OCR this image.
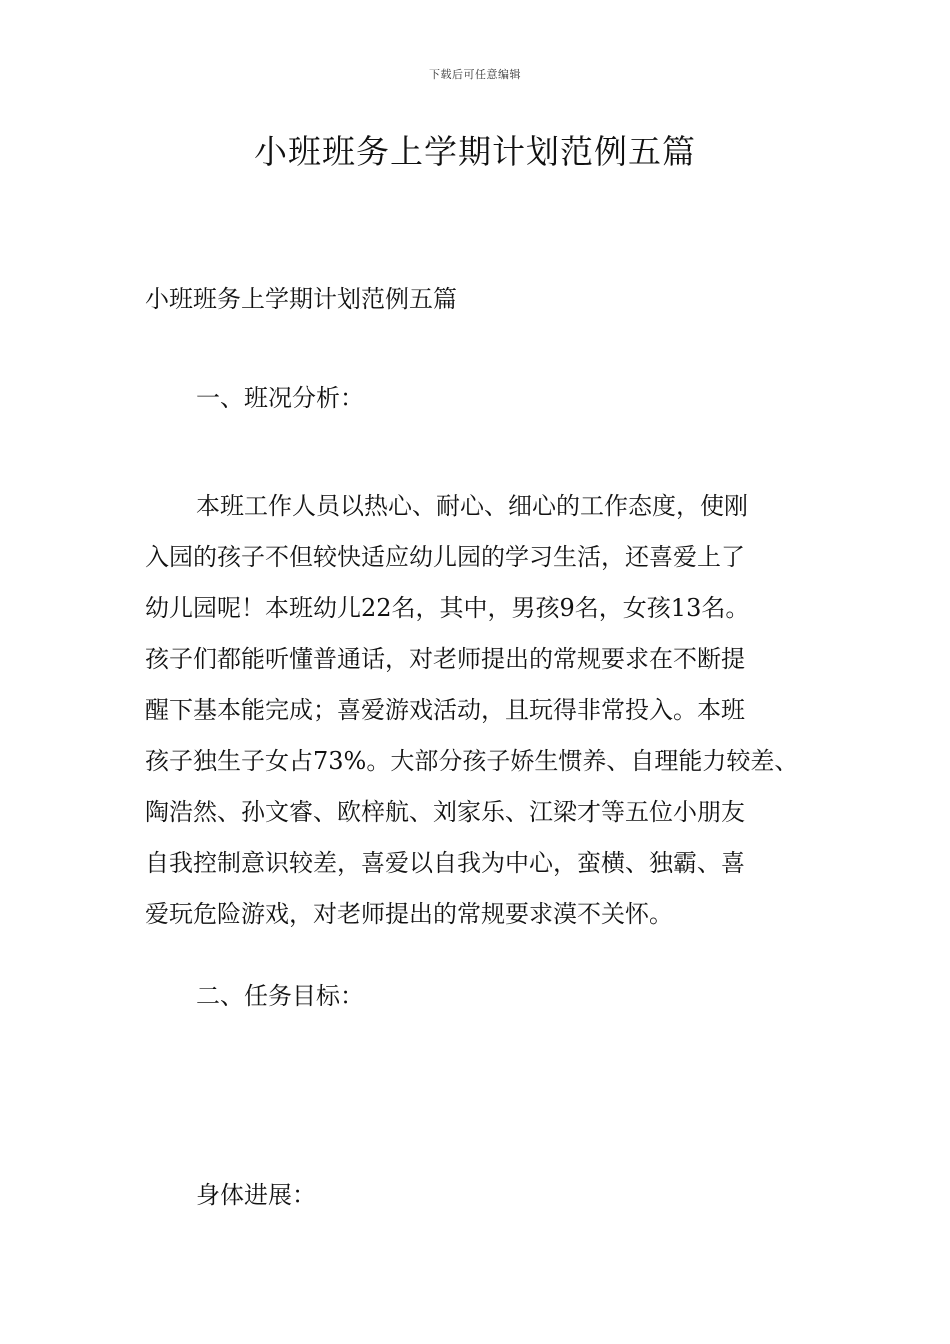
下载后可任意编辑
小班班务上学期计划范例五篇

小班班务上学期计划范例五篇

一、班况分析：

本班工作人员以热心、耐心、细心的工作态度，使刚
入园的孩子不但较快适应幼儿园的学习生活，还喜爱上了
幼儿园呢！本班幼儿22名，其中，男孩9名，女孩13名。
孩子们都能听懂普通话，对老师提出的常规要求在不断提
醒下基本能完成；喜爱游戏活动，且玩得非常投入。本班
孩子独生子女占73%。大部分孩子娇生惯养、自理能力较差、
陶浩然、孙文睿、欧梓航、刘家乐、江梁才等五位小朋友
自我控制意识较差，喜爱以自我为中心，蛮横、独霸、喜
爱玩危险游戏，对老师提出的常规要求漠不关怀。

二、任务目标：

身体进展：
